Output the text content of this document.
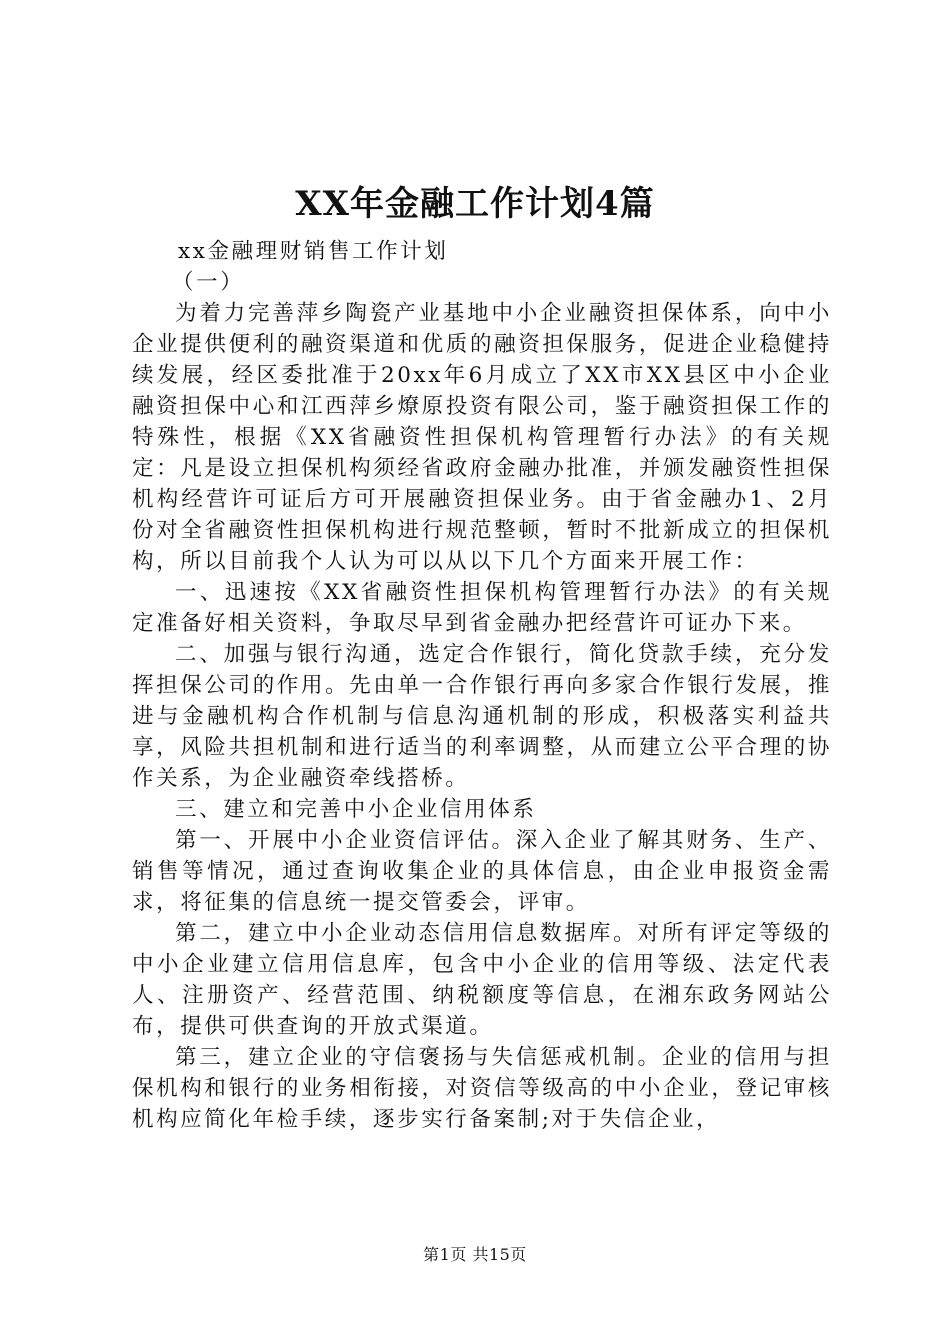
XX年金融工作计划4篇

xx金融理财销售工作计划

（一）

为着力完善萍乡陶瓷产业基地中小企业融资担保体系，向中小企业提供便利的融资渠道和优质的融资担保服务，促进企业稳健持续发展，经区委批准于20xx年6月成立了XX市XX县区中小企业融资担保中心和江西萍乡燎原投资有限公司，鉴于融资担保工作的特殊性，根据《XX省融资性担保机构管理暂行办法》的有关规定：凡是设立担保机构须经省政府金融办批准，并颁发融资性担保机构经营许可证后方可开展融资担保业务。由于省金融办1、2月份对全省融资性担保机构进行规范整顿，暂时不批新成立的担保机构，所以目前我个人认为可以从以下几个方面来开展工作：

一、迅速按《XX省融资性担保机构管理暂行办法》的有关规定准备好相关资料，争取尽早到省金融办把经营许可证办下来。

二、加强与银行沟通，选定合作银行，简化贷款手续，充分发挥担保公司的作用。先由单一合作银行再向多家合作银行发展，推进与金融机构合作机制与信息沟通机制的形成，积极落实利益共享，风险共担机制和进行适当的利率调整，从而建立公平合理的协作关系，为企业融资牵线搭桥。

三、建立和完善中小企业信用体系

第一、开展中小企业资信评估。深入企业了解其财务、生产、销售等情况，通过查询收集企业的具体信息，由企业申报资金需求，将征集的信息统一提交管委会，评审。

第二，建立中小企业动态信用信息数据库。对所有评定等级的中小企业建立信用信息库，包含中小企业的信用等级、法定代表人、注册资产、经营范围、纳税额度等信息，在湘东政务网站公布，提供可供查询的开放式渠道。

第三，建立企业的守信褒扬与失信惩戒机制。企业的信用与担保机构和银行的业务相衔接，对资信等级高的中小企业，登记审核机构应简化年检手续，逐步实行备案制;对于失信企业，

第1页 共15页
